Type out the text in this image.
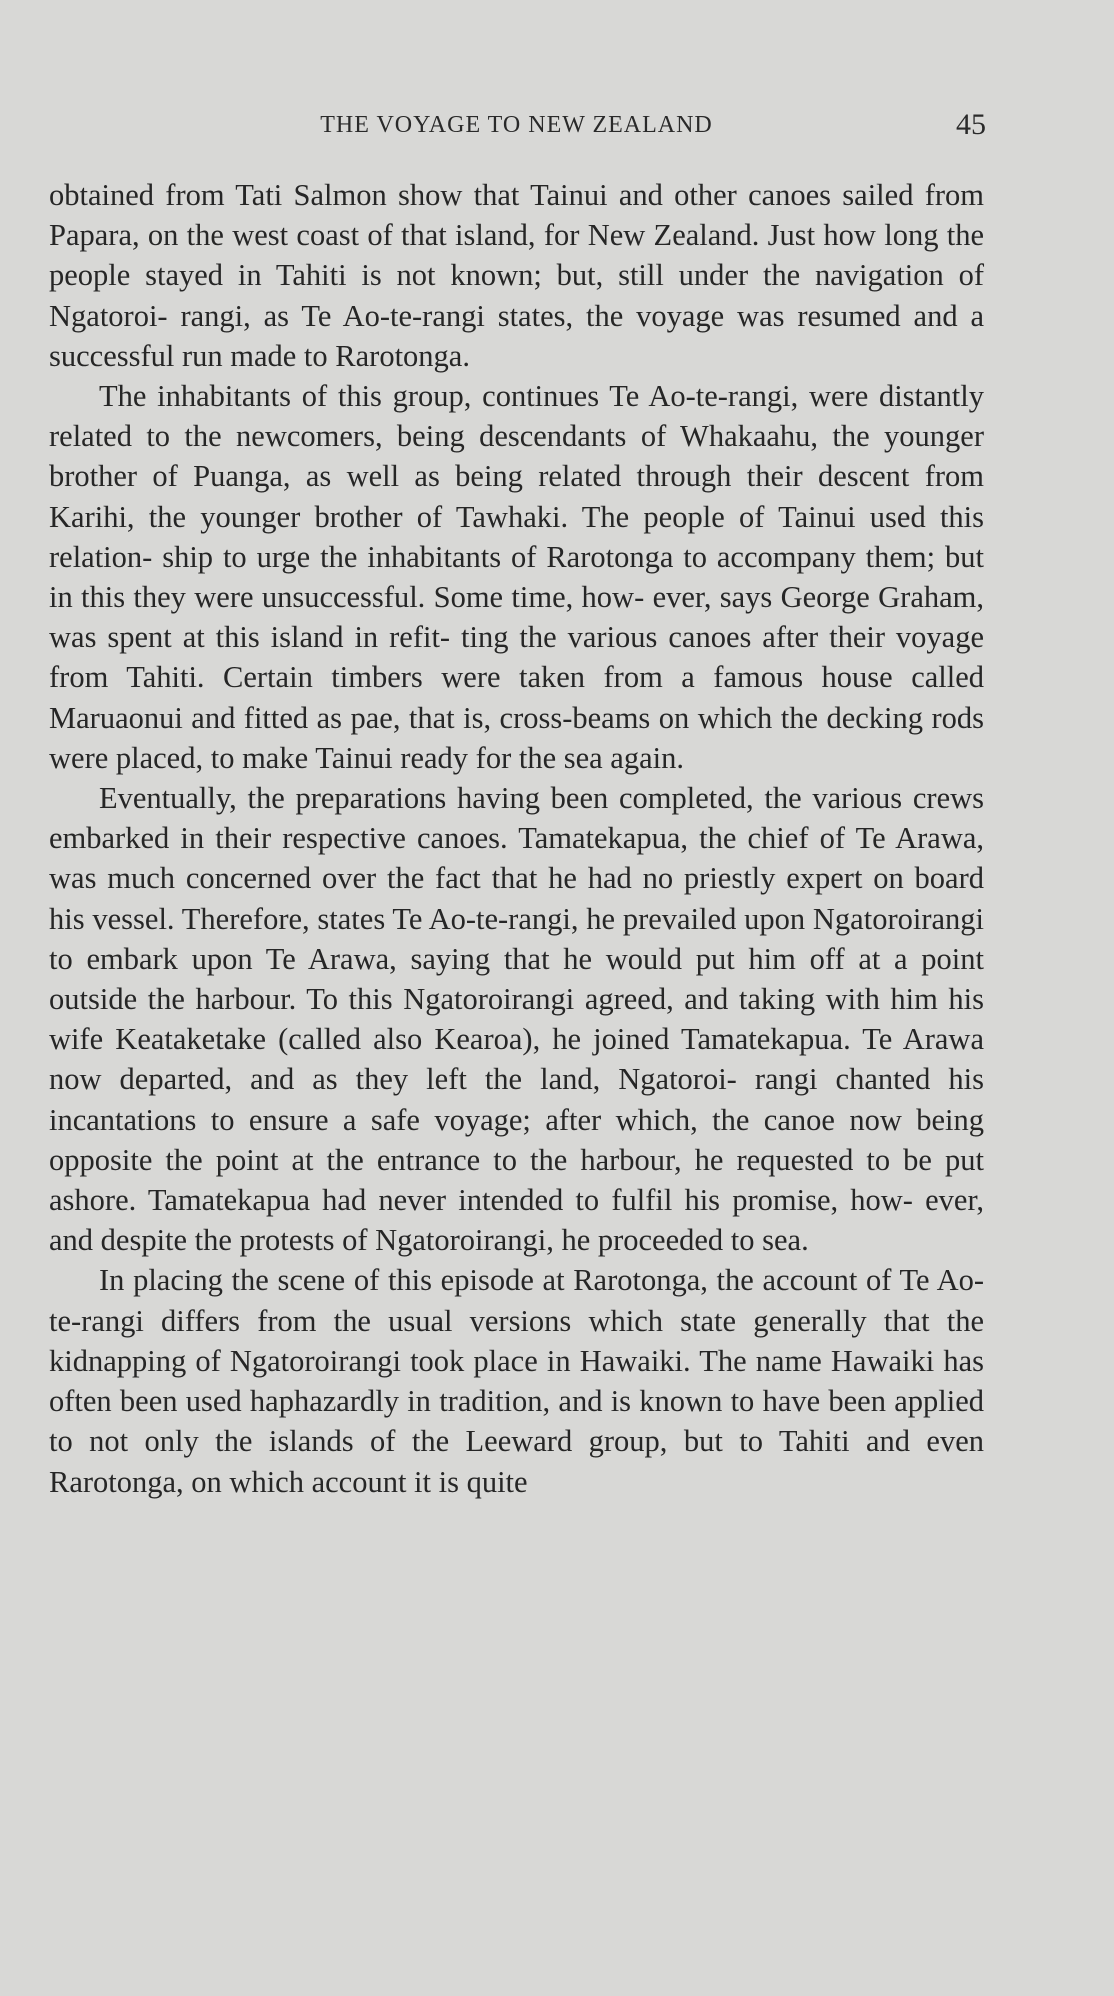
THE VOYAGE TO NEW ZEALAND	45

obtained from Tati Salmon show that Tainui and other canoes sailed from Papara, on the west coast of that island, for New Zealand. Just how long the people stayed in Tahiti is not known; but, still under the navigation of Ngatoroi- rangi, as Te Ao-te-rangi states, the voyage was resumed and a successful run made to Rarotonga.

The inhabitants of this group, continues Te Ao-te-rangi, were distantly related to the newcomers, being descendants of Whakaahu, the younger brother of Puanga, as well as being related through their descent from Karihi, the younger brother of Tawhaki. The people of Tainui used this relation- ship to urge the inhabitants of Rarotonga to accompany them; but in this they were unsuccessful. Some time, how- ever, says George Graham, was spent at this island in refit- ting the various canoes after their voyage from Tahiti. Certain timbers were taken from a famous house called Maruaonui and fitted as pae, that is, cross-beams on which the decking rods were placed, to make Tainui ready for the sea again.

Eventually, the preparations having been completed, the various crews embarked in their respective canoes. Tamatekapua, the chief of Te Arawa, was much concerned over the fact that he had no priestly expert on board his vessel. Therefore, states Te Ao-te-rangi, he prevailed upon Ngatoroirangi to embark upon Te Arawa, saying that he would put him off at a point outside the harbour. To this Ngatoroirangi agreed, and taking with him his wife Keataketake (called also Kearoa), he joined Tamatekapua. Te Arawa now departed, and as they left the land, Ngatoroi- rangi chanted his incantations to ensure a safe voyage; after which, the canoe now being opposite the point at the entrance to the harbour, he requested to be put ashore. Tamatekapua had never intended to fulfil his promise, how- ever, and despite the protests of Ngatoroirangi, he proceeded to sea.

In placing the scene of this episode at Rarotonga, the account of Te Ao-te-rangi differs from the usual versions which state generally that the kidnapping of Ngatoroirangi took place in Hawaiki. The name Hawaiki has often been used haphazardly in tradition, and is known to have been applied to not only the islands of the Leeward group, but to Tahiti and even Rarotonga, on which account it is quite
